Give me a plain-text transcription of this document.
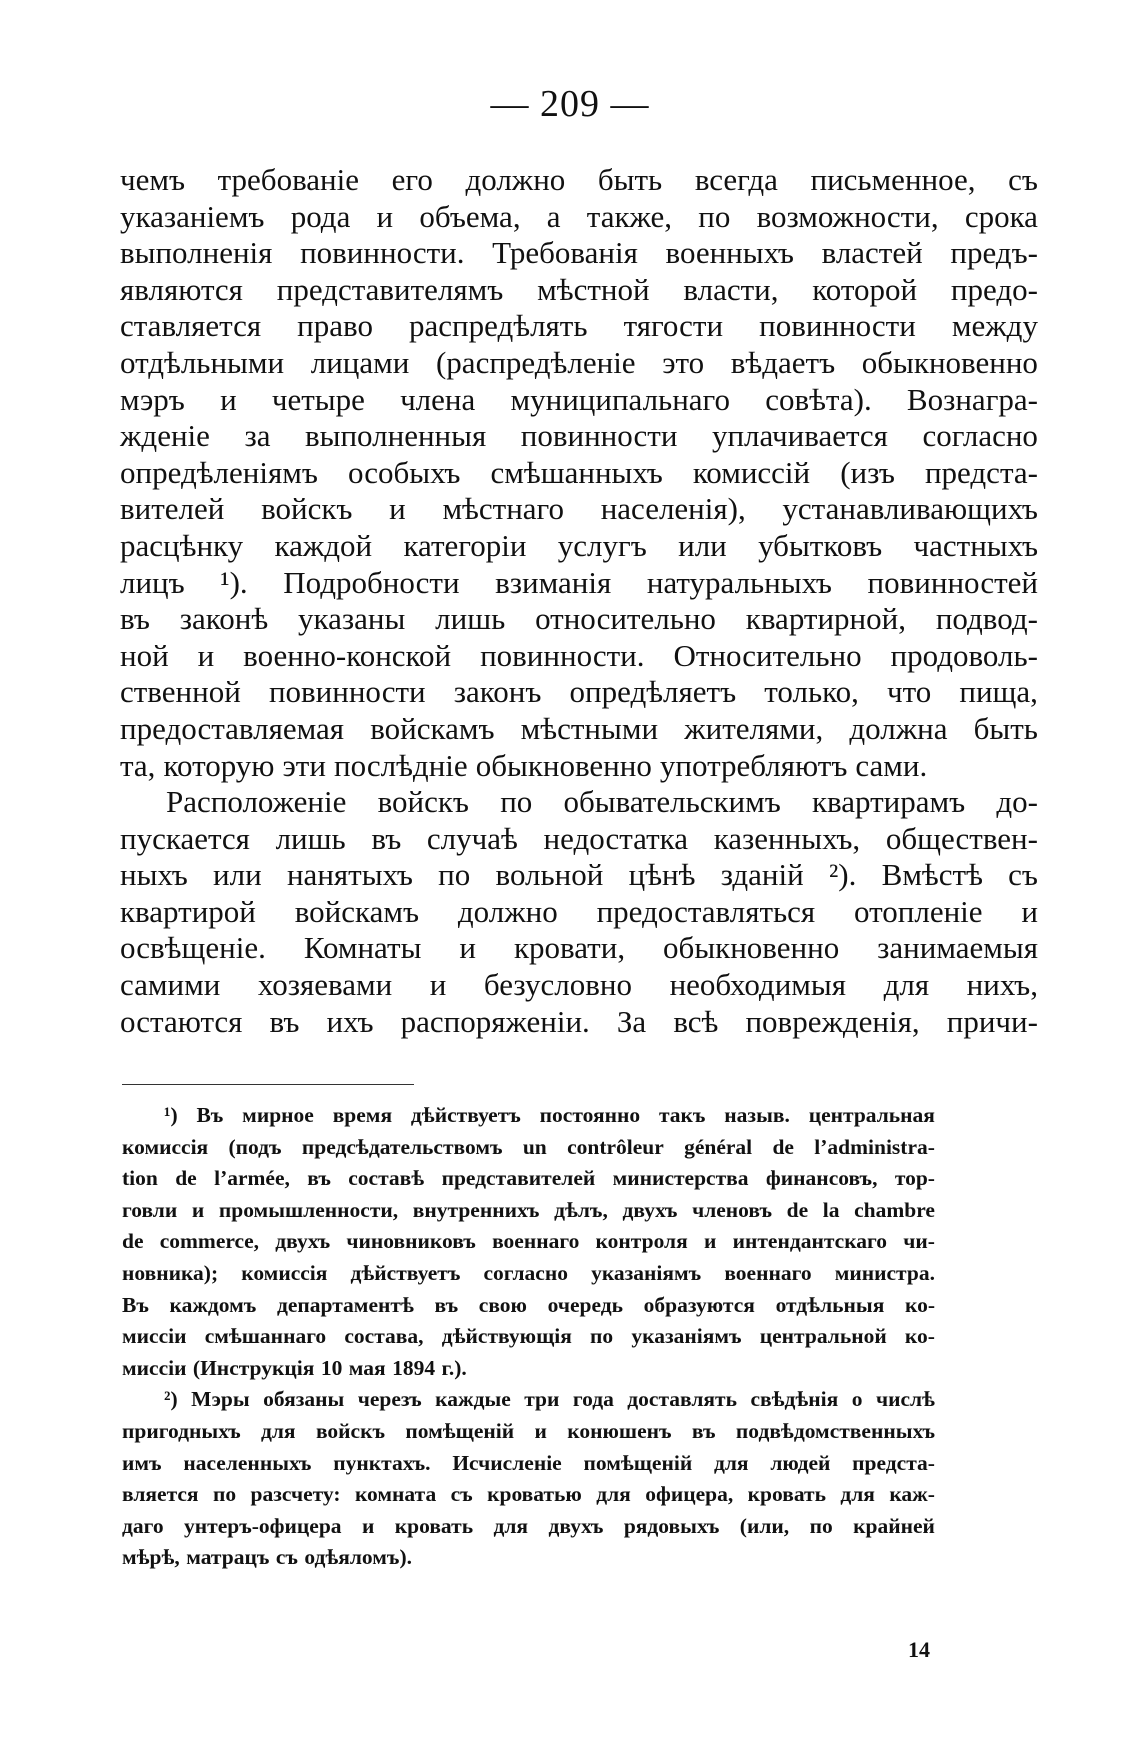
— 209 —
чемъ требованіе его должно быть всегда письменное, съ
указаніемъ рода и объема, а также, по возможности, срока
выполненія повинности. Требованія военныхъ властей предъ-
являются представителямъ мѣстной власти, которой предо-
ставляется право распредѣлять тягости повинности между
отдѣльными лицами (распредѣленіе это вѣдаетъ обыкновенно
мэръ и четыре члена муниципальнаго совѣта). Вознагра-
жденіе за выполненныя повинности уплачивается согласно
опредѣленіямъ особыхъ смѣшанныхъ комиссій (изъ предста-
вителей войскъ и мѣстнаго населенія), устанавливающихъ
расцѣнку каждой категоріи услугъ или убытковъ частныхъ
лицъ ¹). Подробности взиманія натуральныхъ повинностей
въ законѣ указаны лишь относительно квартирной, подвод-
ной и военно-конской повинности. Относительно продоволь-
ственной повинности законъ опредѣляетъ только, что пища,
предоставляемая войскамъ мѣстными жителями, должна быть
та, которую эти послѣдніе обыкновенно употребляютъ сами.
Расположеніе войскъ по обывательскимъ квартирамъ до-
пускается лишь въ случаѣ недостатка казенныхъ, обществен-
ныхъ или нанятыхъ по вольной цѣнѣ зданій ²). Вмѣстѣ съ
квартирой войскамъ должно предоставляться отопленіе и
освѣщеніе. Комнаты и кровати, обыкновенно занимаемыя
самими хозяевами и безусловно необходимыя для нихъ,
остаются въ ихъ распоряженіи. За всѣ поврежденія, причи-
¹) Въ мирное время дѣйствуетъ постоянно такъ назыв. центральная
комиссія (подъ предсѣдательствомъ un contrôleur général de l’administra-
tion de l’armée, въ составѣ представителей министерства финансовъ, тор-
говли и промышленности, внутреннихъ дѣлъ, двухъ членовъ de la chambre
de commerce, двухъ чиновниковъ военнаго контроля и интендантскаго чи-
новника); комиссія дѣйствуетъ согласно указаніямъ военнаго министра.
Въ каждомъ департаментѣ въ свою очередь образуются отдѣльныя ко-
миссіи смѣшаннаго состава, дѣйствующія по указаніямъ центральной ко-
миссіи (Инструкція 10 мая 1894 г.).
²) Мэры обязаны черезъ каждые три года доставлять свѣдѣнія о числѣ
пригодныхъ для войскъ помѣщеній и конюшенъ въ подвѣдомственныхъ
имъ населенныхъ пунктахъ. Исчисленіе помѣщеній для людей предста-
вляется по разсчету: комната съ кроватью для офицера, кровать для каж-
даго унтеръ-офицера и кровать для двухъ рядовыхъ (или, по крайней
мѣрѣ, матрацъ съ одѣяломъ).
14
